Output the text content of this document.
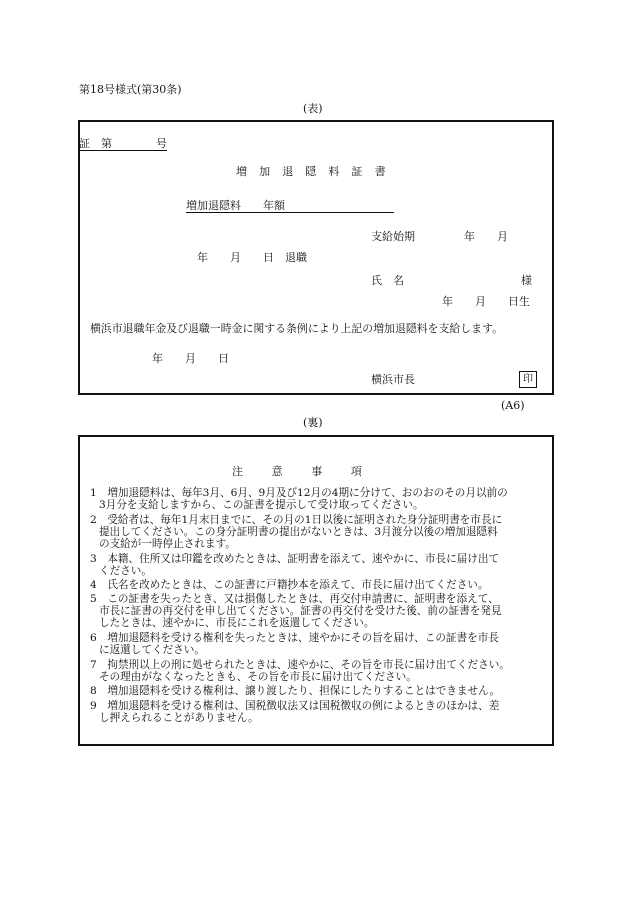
第18号様式(第30条)
(表)
証　第　　　　号
増加退隠料証書
増加退隠料　　年額
支給始期	年　　月
年　　月　　日　退職
氏　名	様
年　　月　　日生
横浜市退職年金及び退職一時金に関する条例により上記の増加退隠料を支給します。
年　　月　　日
横浜市長	印
(A6)
(裏)
注意事項
1　増加退隠料は、毎年3月、6月、9月及び12月の4期に分けて、おのおのその月以前の
3月分を支給しますから、この証書を提示して受け取ってください。
2　受給者は、毎年1月末日までに、その月の1日以後に証明された身分証明書を市長に
提出してください。この身分証明書の提出がないときは、3月渡分以後の増加退隠料
の支給が一時停止されます。
3　本籍、住所又は印鑑を改めたときは、証明書を添えて、速やかに、市長に届け出て
ください。
4　氏名を改めたときは、この証書に戸籍抄本を添えて、市長に届け出てください。
5　この証書を失ったとき、又は損傷したときは、再交付申請書に、証明書を添えて、
市長に証書の再交付を申し出てください。証書の再交付を受けた後、前の証書を発見
したときは、速やかに、市長にこれを返還してください。
6　増加退隠料を受ける権利を失ったときは、速やかにその旨を届け、この証書を市長
に返還してください。
7　拘禁刑以上の刑に処せられたときは、速やかに、その旨を市長に届け出てください。
その理由がなくなったときも、その旨を市長に届け出てください。
8　増加退隠料を受ける権利は、譲り渡したり、担保にしたりすることはできません。
9　増加退隠料を受ける権利は、国税徴収法又は国税徴収の例によるときのほかは、差
し押えられることがありません。
